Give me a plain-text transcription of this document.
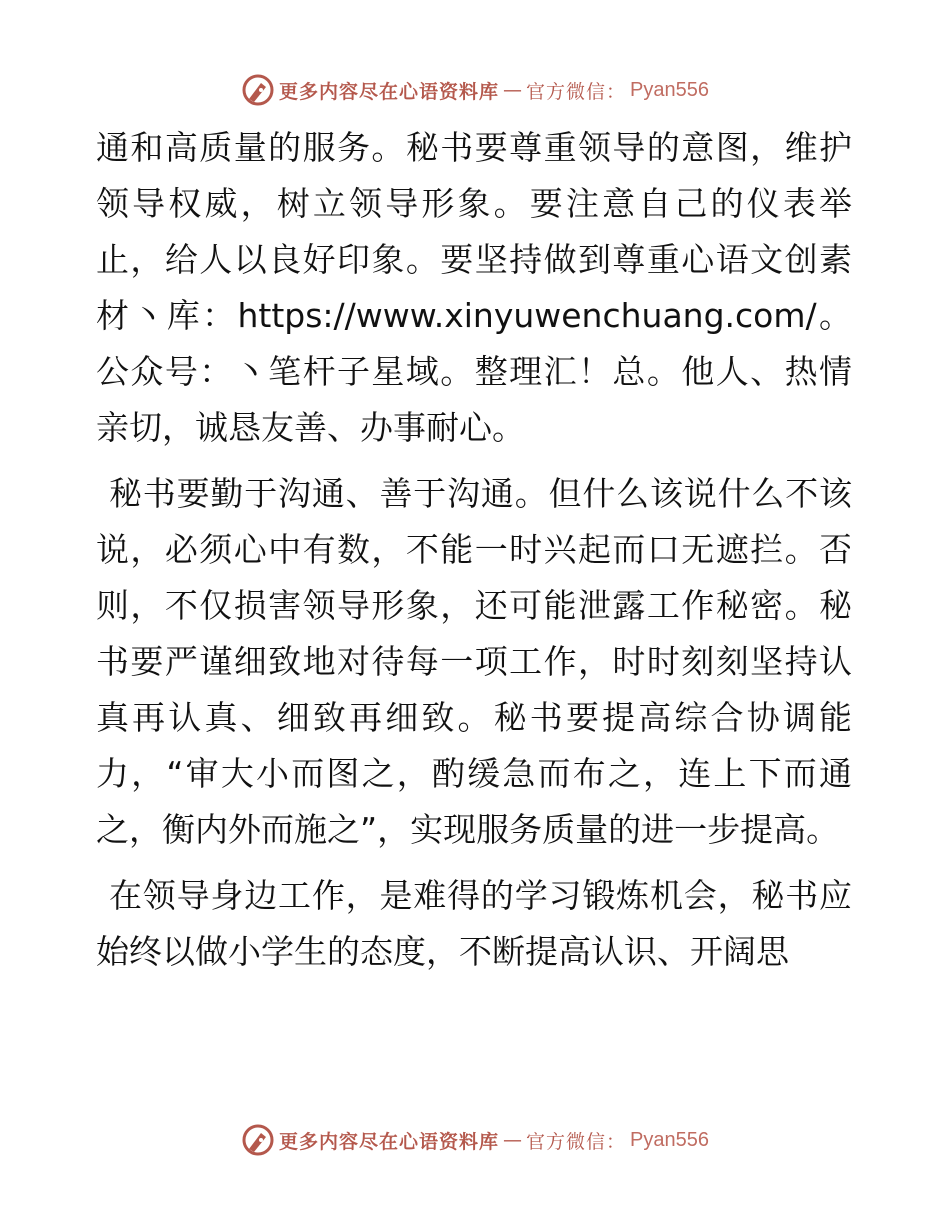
更多内容尽在心语资料库 — 官方微信： Pyan556

通和高质量的服务。秘书要尊重领导的意图，维护领导权威，树立领导形象。要注意自己的仪表举止，给人以良好印象。要坚持做到尊重心语文创素材丶库：https://www.xinyuwenchuang.com/。公众号：丶笔杆子星域。整理汇！总。他人、热情亲切，诚恳友善、办事耐心。

秘书要勤于沟通、善于沟通。但什么该说什么不该说，必须心中有数，不能一时兴起而口无遮拦。否则，不仅损害领导形象，还可能泄露工作秘密。秘书要严谨细致地对待每一项工作，时时刻刻坚持认真再认真、细致再细致。秘书要提高综合协调能力，“审大小而图之，酌缓急而布之，连上下而通之，衡内外而施之”，实现服务质量的进一步提高。

在领导身边工作，是难得的学习锻炼机会，秘书应始终以做小学生的态度，不断提高认识、开阔思

更多内容尽在心语资料库 — 官方微信： Pyan556
